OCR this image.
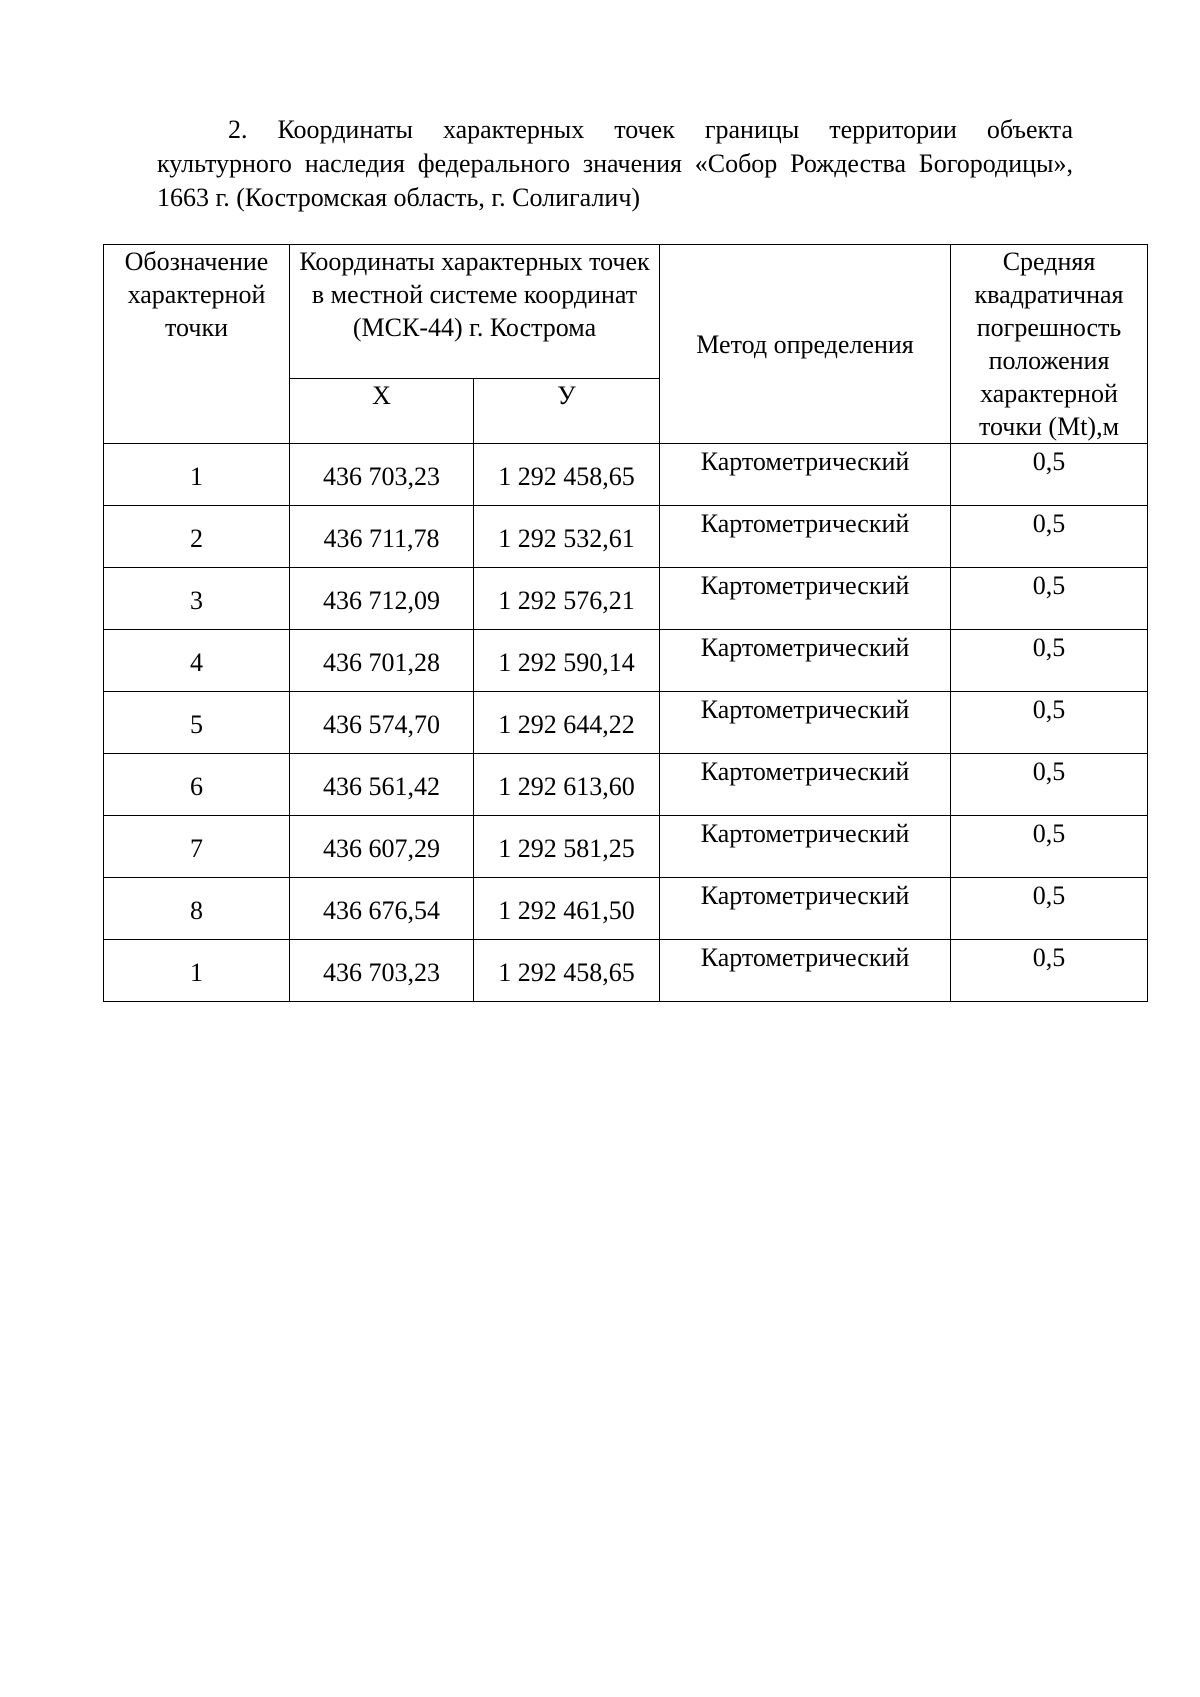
2. Координаты характерных точек границы территории объекта культурного наследия федерального значения «Собор Рождества Богородицы», 1663 г. (Костромская область, г. Солигалич)

Обозначение характерной точки	Координаты характерных точек в местной системе координат (МСК-44) г. Кострома		Метод определения	Средняя квадратичная погрешность положения характерной точки (Mt),м
	Х	У		
1	436 703,23	1 292 458,65	Картометрический	0,5
2	436 711,78	1 292 532,61	Картометрический	0,5
3	436 712,09	1 292 576,21	Картометрический	0,5
4	436 701,28	1 292 590,14	Картометрический	0,5
5	436 574,70	1 292 644,22	Картометрический	0,5
6	436 561,42	1 292 613,60	Картометрический	0,5
7	436 607,29	1 292 581,25	Картометрический	0,5
8	436 676,54	1 292 461,50	Картометрический	0,5
1	436 703,23	1 292 458,65	Картометрический	0,5
